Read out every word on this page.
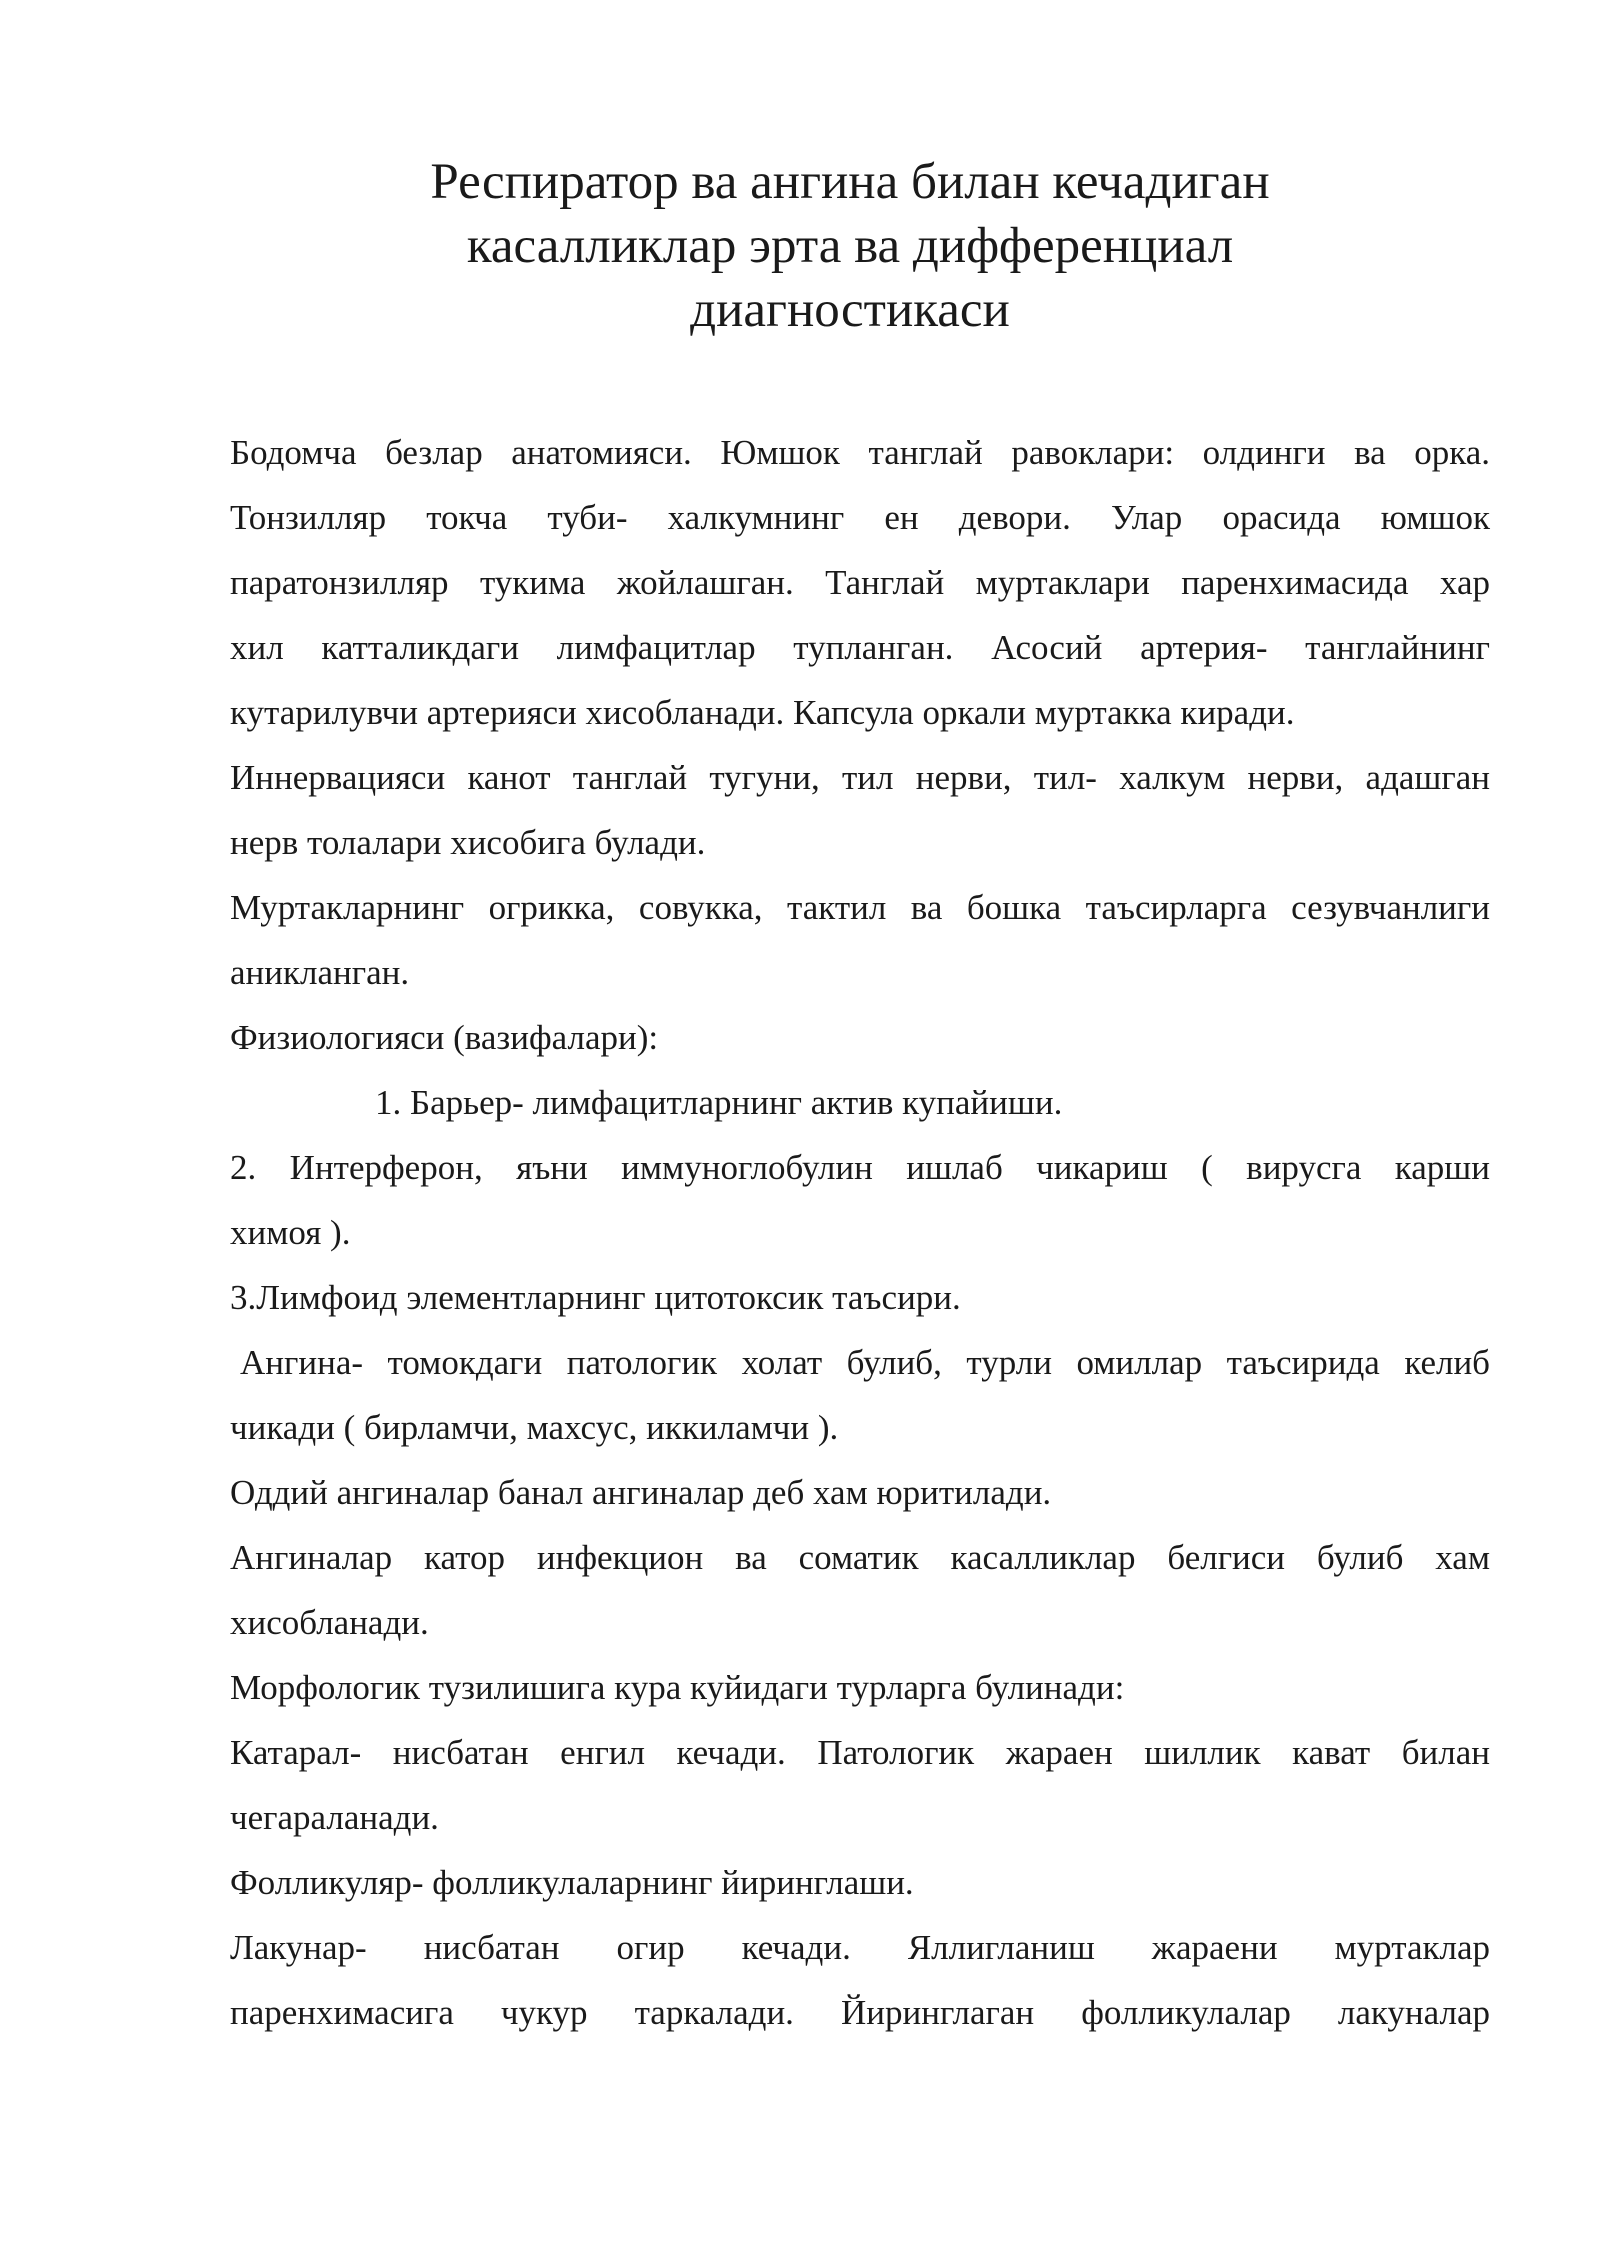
Респиратор ва ангина билан кечадиган
касалликлар эрта ва дифференциал
диагностикаси
Бодомча безлар анатомияси. Юмшок танглай равоклари: олдинги ва орка.
Тонзилляр токча туби- халкумнинг ен девори. Улар орасида юмшок
паратонзилляр тукима жойлашган. Танглай муртаклари паренхимасида хар
хил катталикдаги лимфацитлар тупланган. Асосий артерия- танглайнинг
кутарилувчи артерияси хисобланади. Капсула оркали муртакка киради.
Иннервацияси канот танглай тугуни, тил нерви, тил- халкум нерви, адашган
нерв толалари хисобига булади.
Муртакларнинг огрикка, совукка, тактил ва бошка таъсирларга сезувчанлиги
аникланган.
Физиологияси (вазифалари):
1. Барьер- лимфацитларнинг актив купайиши.
2. Интерферон, яъни иммуноглобулин ишлаб чикариш ( вирусга карши
химоя ).
3.Лимфоид элементларнинг цитотоксик таъсири.
Ангина- томокдаги патологик холат булиб, турли омиллар таъсирида келиб
чикади ( бирламчи, махсус, иккиламчи ).
Оддий ангиналар банал ангиналар деб хам юритилади.
Ангиналар катор инфекцион ва соматик касалликлар белгиси булиб хам
хисобланади.
Морфологик тузилишига кура куйидаги турларга булинади:
Катарал- нисбатан енгил кечади. Патологик жараен шиллик кават билан
чегараланади.
Фолликуляр- фолликулаларнинг йиринглаши.
Лакунар- нисбатан огир кечади. Яллигланиш жараени муртаклар
паренхимасига чукур таркалади. Йиринглаган фолликулалар лакуналар
